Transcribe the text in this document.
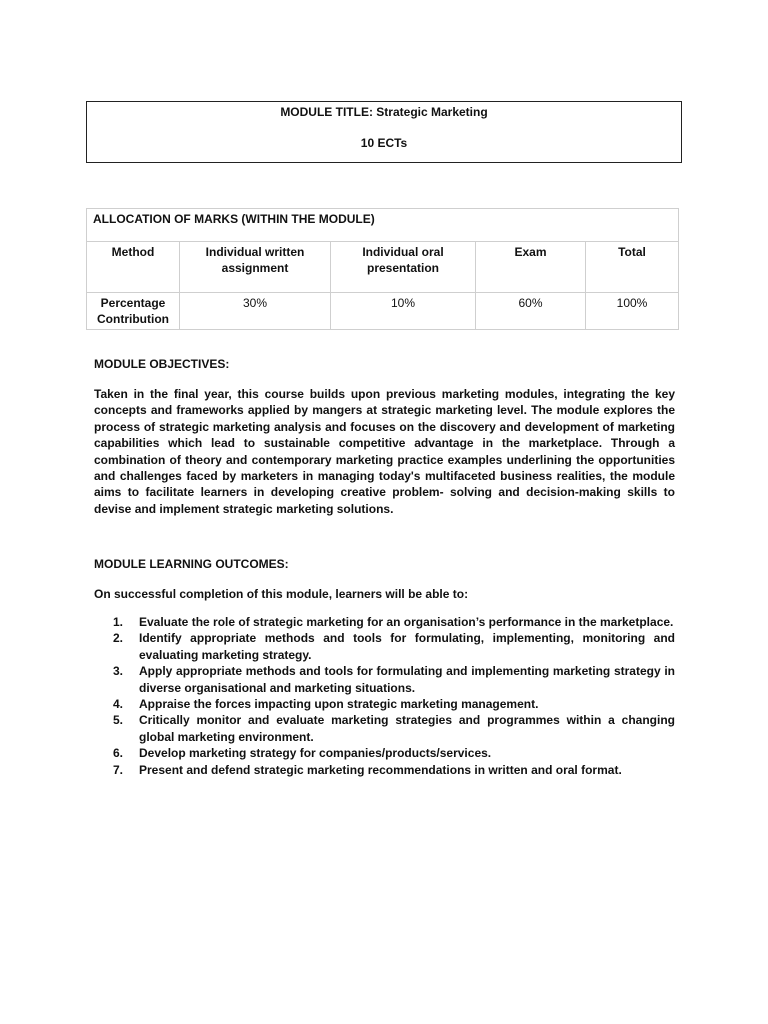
MODULE TITLE: Strategic Marketing
10 ECTs
ALLOCATION OF MARKS (WITHIN THE MODULE)				
Method	Individual written assignment	Individual oral presentation	Exam	Total
Percentage Contribution	30%	10%	60%	100%
MODULE OBJECTIVES:

Taken in the final year, this course builds upon previous marketing modules, integrating the key concepts and frameworks applied by mangers at strategic marketing level. The module explores the process of strategic marketing analysis and focuses on the discovery and development of marketing capabilities which lead to sustainable competitive advantage in the marketplace. Through a combination of theory and contemporary marketing practice examples underlining the opportunities and challenges faced by marketers in managing today's multifaceted business realities, the module aims to facilitate learners in developing creative problem- solving and decision-making skills to devise and implement strategic marketing solutions.

MODULE LEARNING OUTCOMES:

On successful completion of this module, learners will be able to:

1. Evaluate the role of strategic marketing for an organisation’s performance in the marketplace.
2. Identify appropriate methods and tools for formulating, implementing, monitoring and evaluating marketing strategy.
3. Apply appropriate methods and tools for formulating and implementing marketing strategy in diverse organisational and marketing situations.
4. Appraise the forces impacting upon strategic marketing management.
5. Critically monitor and evaluate marketing strategies and programmes within a changing global marketing environment.
6. Develop marketing strategy for companies/products/services.
7. Present and defend strategic marketing recommendations in written and oral format.
